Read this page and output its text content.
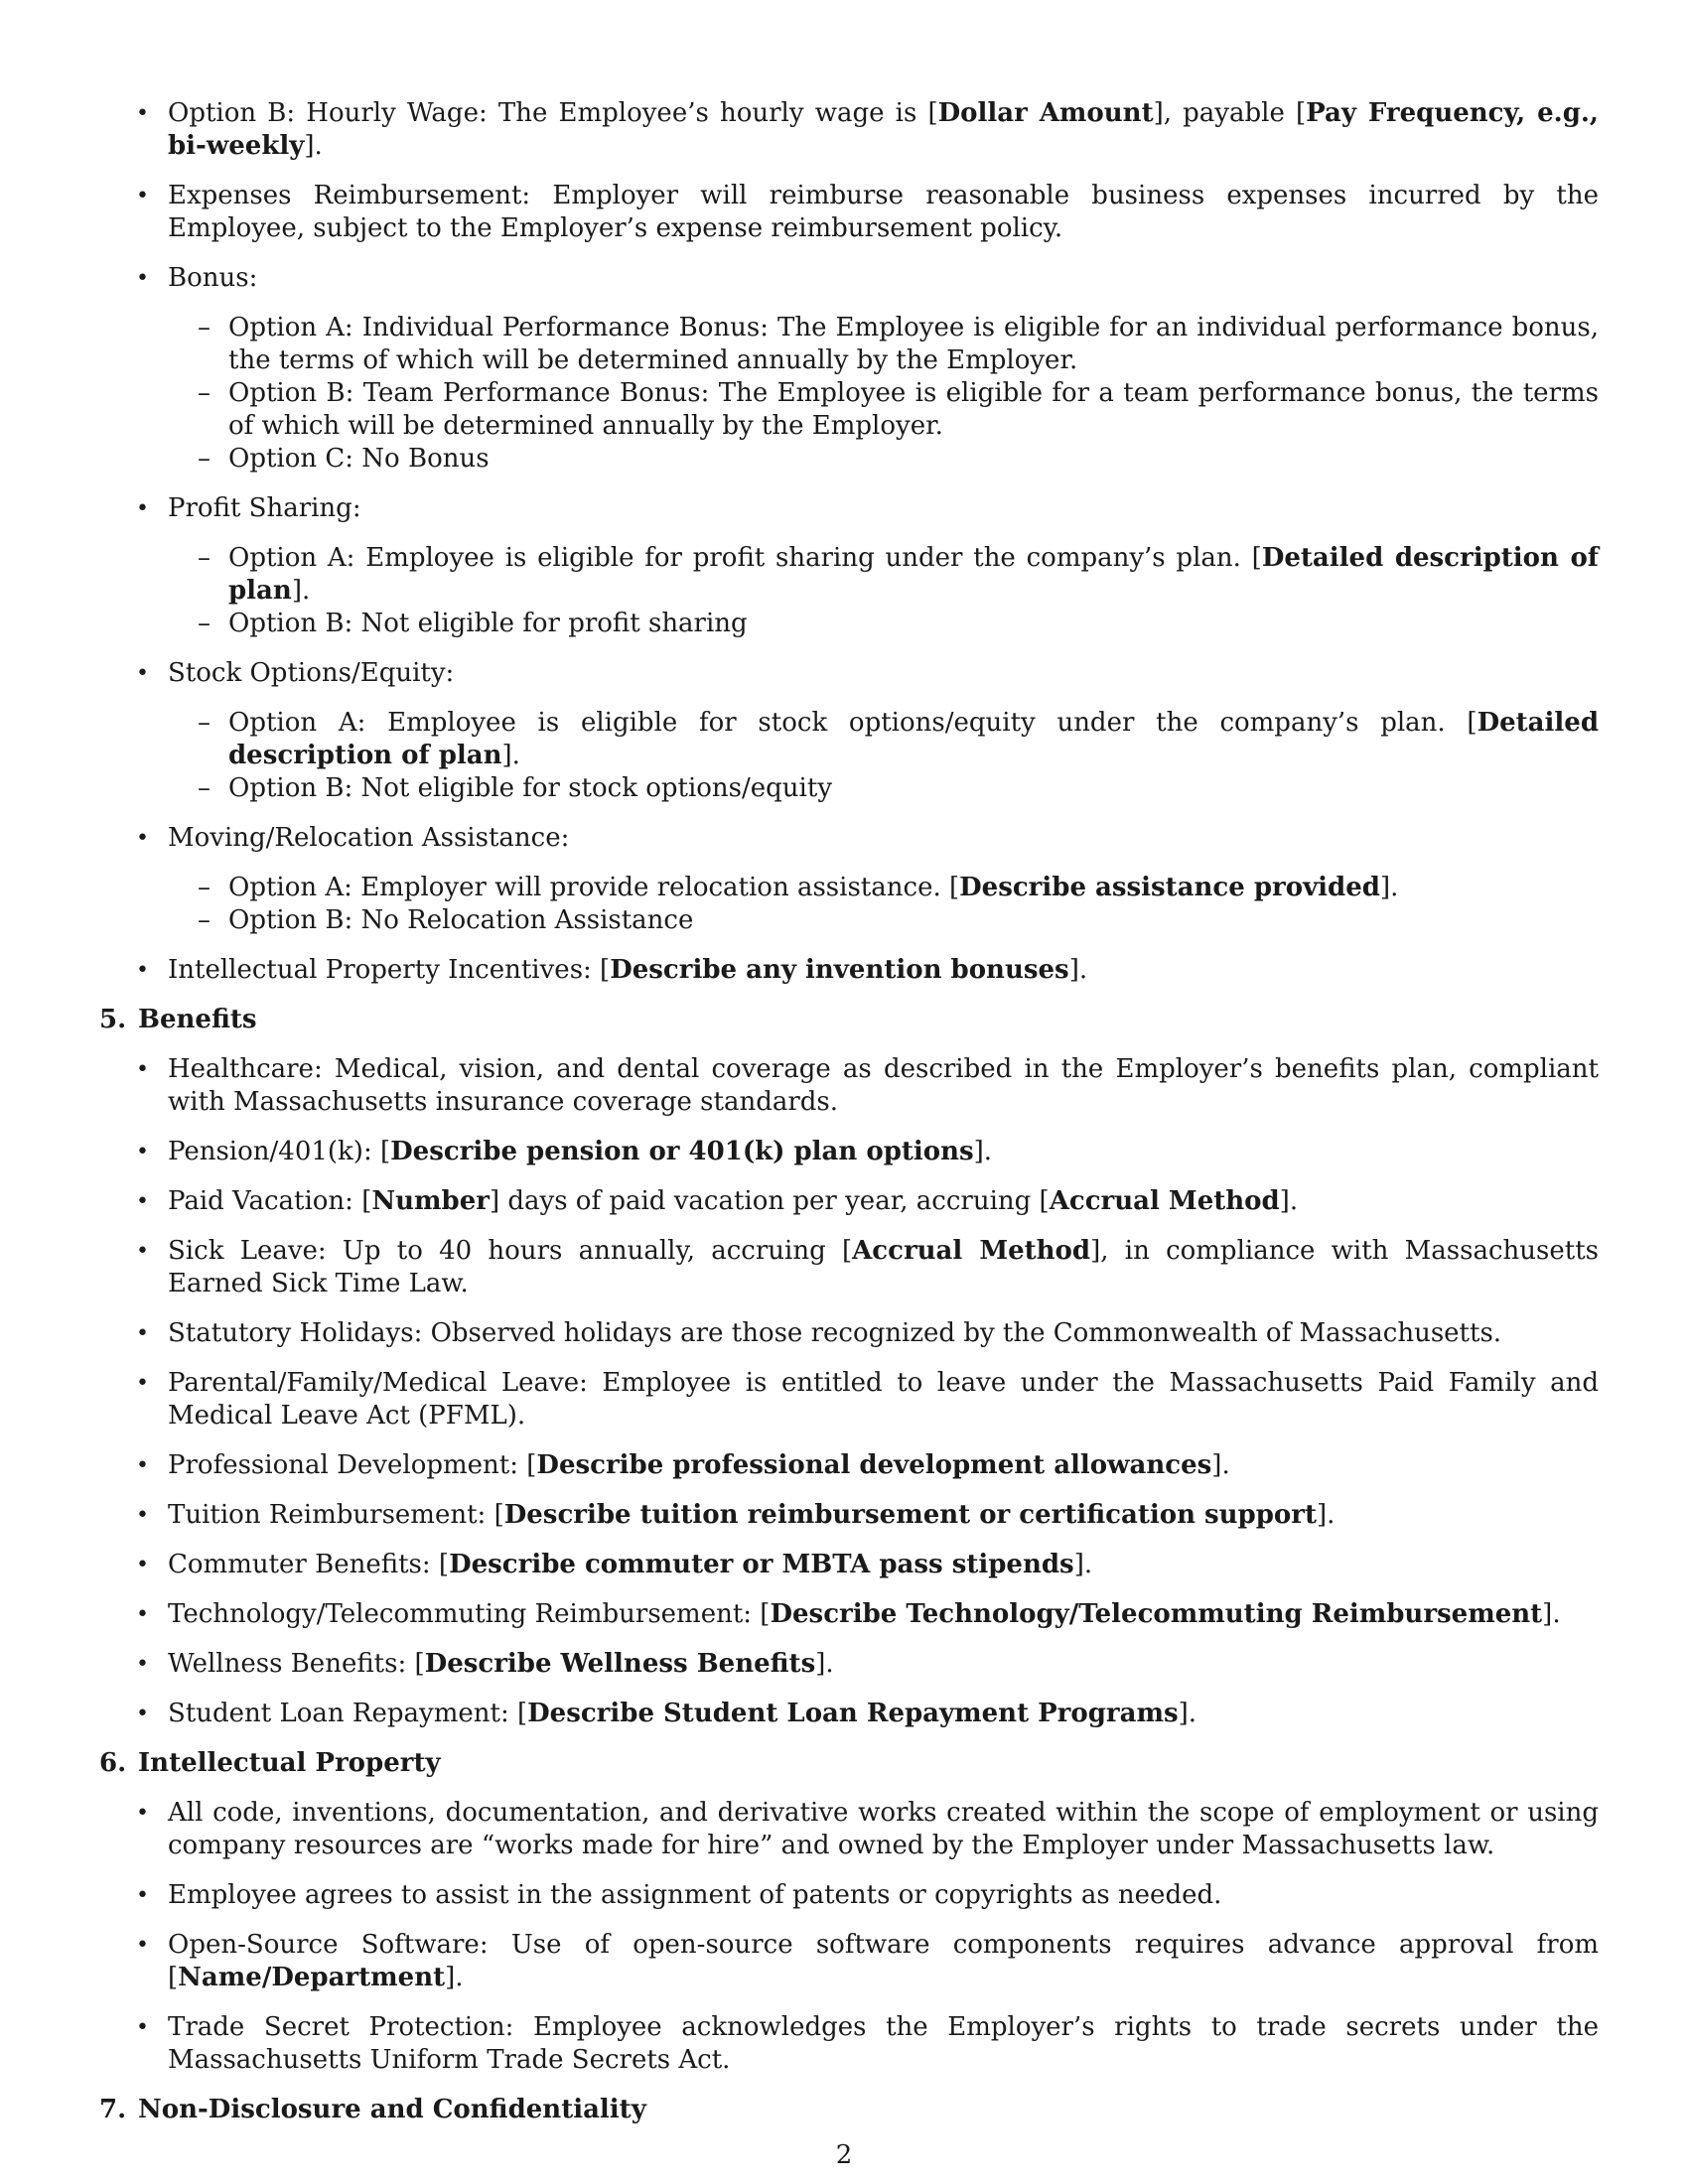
• Option B: Hourly Wage: The Employee’s hourly wage is [Dollar Amount], payable [Pay Frequency, e.g., bi-weekly].
• Expenses Reimbursement: Employer will reimburse reasonable business expenses incurred by the Employee, subject to the Employer’s expense reimbursement policy.
• Bonus:
– Option A: Individual Performance Bonus: The Employee is eligible for an individual performance bonus, the terms of which will be determined annually by the Employer.
– Option B: Team Performance Bonus: The Employee is eligible for a team performance bonus, the terms of which will be determined annually by the Employer.
– Option C: No Bonus
• Profit Sharing:
– Option A: Employee is eligible for profit sharing under the company’s plan. [Detailed description of plan].
– Option B: Not eligible for profit sharing
• Stock Options/Equity:
– Option A: Employee is eligible for stock options/equity under the company’s plan. [Detailed description of plan].
– Option B: Not eligible for stock options/equity
• Moving/Relocation Assistance:
– Option A: Employer will provide relocation assistance. [Describe assistance provided].
– Option B: No Relocation Assistance
• Intellectual Property Incentives: [Describe any invention bonuses].
5. Benefits
• Healthcare: Medical, vision, and dental coverage as described in the Employer’s benefits plan, compliant with Massachusetts insurance coverage standards.
• Pension/401(k): [Describe pension or 401(k) plan options].
• Paid Vacation: [Number] days of paid vacation per year, accruing [Accrual Method].
• Sick Leave: Up to 40 hours annually, accruing [Accrual Method], in compliance with Massachusetts Earned Sick Time Law.
• Statutory Holidays: Observed holidays are those recognized by the Commonwealth of Massachusetts.
• Parental/Family/Medical Leave: Employee is entitled to leave under the Massachusetts Paid Family and Medical Leave Act (PFML).
• Professional Development: [Describe professional development allowances].
• Tuition Reimbursement: [Describe tuition reimbursement or certification support].
• Commuter Benefits: [Describe commuter or MBTA pass stipends].
• Technology/Telecommuting Reimbursement: [Describe Technology/Telecommuting Reimbursement].
• Wellness Benefits: [Describe Wellness Benefits].
• Student Loan Repayment: [Describe Student Loan Repayment Programs].
6. Intellectual Property
• All code, inventions, documentation, and derivative works created within the scope of employment or using company resources are “works made for hire” and owned by the Employer under Massachusetts law.
• Employee agrees to assist in the assignment of patents or copyrights as needed.
• Open-Source Software: Use of open-source software components requires advance approval from [Name/Department].
• Trade Secret Protection: Employee acknowledges the Employer’s rights to trade secrets under the Massachusetts Uniform Trade Secrets Act.
7. Non-Disclosure and Confidentiality
2
